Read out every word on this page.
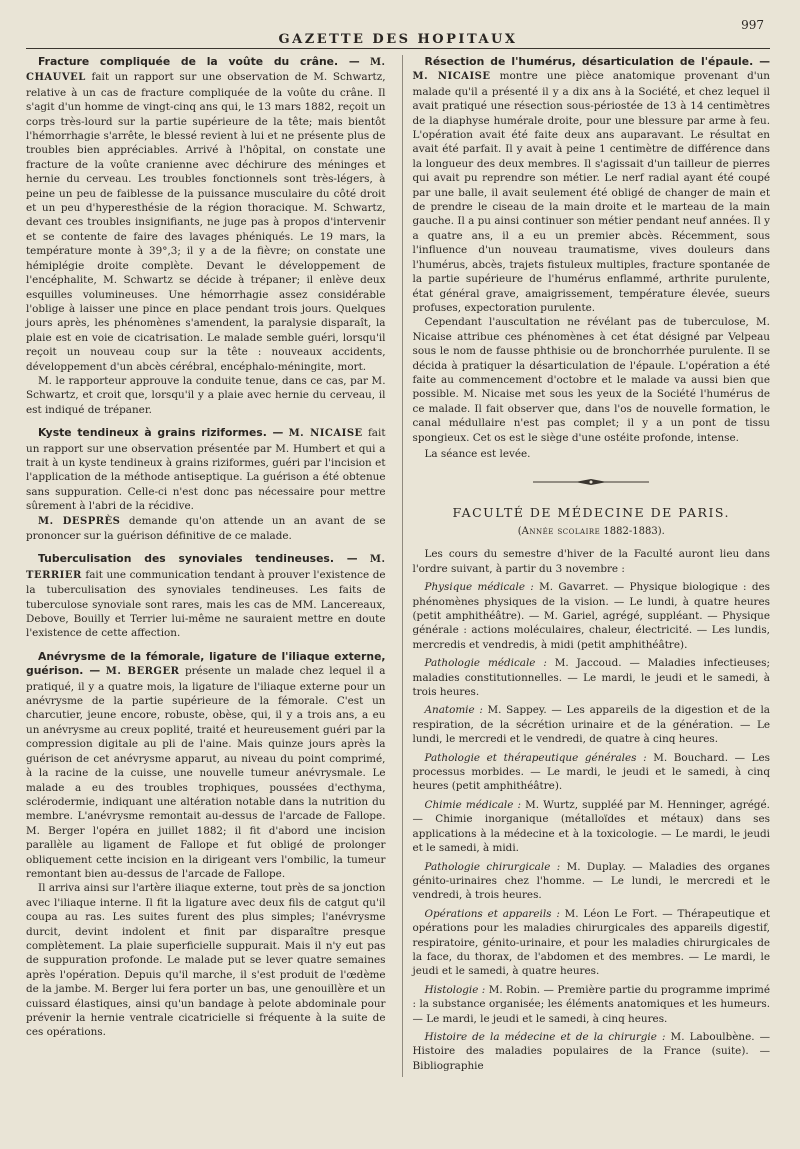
GAZETTE DES HOPITAUX
997

Fracture compliquée de la voûte du crâne. — M. CHAUVEL fait un rapport sur une observation de M. Schwartz, relative à un cas de fracture compliquée de la voûte du crâne. Il s'agit d'un homme de vingt-cinq ans qui, le 13 mars 1882, reçoit un corps très-lourd sur la partie supérieure de la tête; mais bientôt l'hémorrhagie s'arrête, le blessé revient à lui et ne présente plus de troubles bien appréciables. Arrivé à l'hôpital, on constate une fracture de la voûte cranienne avec déchirure des méninges et hernie du cerveau. Les troubles fonctionnels sont très-légers, à peine un peu de faiblesse de la puissance musculaire du côté droit et un peu d'hyperesthésie de la région thoracique. M. Schwartz, devant ces troubles insignifiants, ne juge pas à propos d'intervenir et se contente de faire des lavages phéniqués. Le 19 mars, la température monte à 39°,3; il y a de la fièvre; on constate une hémiplégie droite complète. Devant le développement de l'encéphalite, M. Schwartz se décide à trépaner; il enlève deux esquilles volumineuses. Une hémorrhagie assez considérable l'oblige à laisser une pince en place pendant trois jours. Quelques jours après, les phénomènes s'amendent, la paralysie disparaît, la plaie est en voie de cicatrisation. Le malade semble guéri, lorsqu'il reçoit un nouveau coup sur la tête : nouveaux accidents, développement d'un abcès cérébral, encéphalo-méningite, mort.

M. le rapporteur approuve la conduite tenue, dans ce cas, par M. Schwartz, et croit que, lorsqu'il y a plaie avec hernie du cerveau, il est indiqué de trépaner.

Kyste tendineux à grains riziformes. — M. NICAISE fait un rapport sur une observation présentée par M. Humbert et qui a trait à un kyste tendineux à grains riziformes, guéri par l'incision et l'application de la méthode antiseptique. La guérison a été obtenue sans suppuration. Celle-ci n'est donc pas nécessaire pour mettre sûrement à l'abri de la récidive.

M. DESPRÈS demande qu'on attende un an avant de se prononcer sur la guérison définitive de ce malade.

Tuberculisation des synoviales tendineuses. — M. TERRIER fait une communication tendant à prouver l'existence de la tuberculisation des synoviales tendineuses. Les faits de tuberculose synoviale sont rares, mais les cas de MM. Lancereaux, Debove, Bouilly et Terrier lui-même ne sauraient mettre en doute l'existence de cette affection.

Anévrysme de la fémorale, ligature de l'iliaque externe, guérison. — M. BERGER présente un malade chez lequel il a pratiqué, il y a quatre mois, la ligature de l'iliaque externe pour un anévrysme de la partie supérieure de la fémorale. C'est un charcutier, jeune encore, robuste, obèse, qui, il y a trois ans, a eu un anévrysme au creux poplité, traité et heureusement guéri par la compression digitale au pli de l'aine. Mais quinze jours après la guérison de cet anévrysme apparut, au niveau du point comprimé, à la racine de la cuisse, une nouvelle tumeur anévrysmale. Le malade a eu des troubles trophiques, poussées d'ecthyma, sclérodermie, indiquant une altération notable dans la nutrition du membre. L'anévrysme remontait au-dessus de l'arcade de Fallope. M. Berger l'opéra en juillet 1882; il fit d'abord une incision parallèle au ligament de Fallope et fut obligé de prolonger obliquement cette incision en la dirigeant vers l'ombilic, la tumeur remontant bien au-dessus de l'arcade de Fallope.

Il arriva ainsi sur l'artère iliaque externe, tout près de sa jonction avec l'iliaque interne. Il fit la ligature avec deux fils de catgut qu'il coupa au ras. Les suites furent des plus simples; l'anévrysme durcit, devint indolent et finit par disparaître presque complètement. La plaie superficielle suppurait. Mais il n'y eut pas de suppuration profonde. Le malade put se lever quatre semaines après l'opération. Depuis qu'il marche, il s'est produit de l'œdème de la jambe. M. Berger lui fera porter un bas, une genouillère et un cuissard élastiques, ainsi qu'un bandage à pelote abdominale pour prévenir la hernie ventrale cicatricielle si fréquente à la suite de ces opérations.

Résection de l'humérus, désarticulation de l'épaule. — M. NICAISE montre une pièce anatomique provenant d'un malade qu'il a présenté il y a dix ans à la Société, et chez lequel il avait pratiqué une résection sous-périostée de 13 à 14 centimètres de la diaphyse humérale droite, pour une blessure par arme à feu. L'opération avait été faite deux ans auparavant. Le résultat en avait été parfait. Il y avait à peine 1 centimètre de différence dans la longueur des deux membres. Il s'agissait d'un tailleur de pierres qui avait pu reprendre son métier. Le nerf radial ayant été coupé par une balle, il avait seulement été obligé de changer de main et de prendre le ciseau de la main droite et le marteau de la main gauche. Il a pu ainsi continuer son métier pendant neuf années. Il y a quatre ans, il a eu un premier abcès. Récemment, sous l'influence d'un nouveau traumatisme, vives douleurs dans l'humérus, abcès, trajets fistuleux multiples, fracture spontanée de la partie supérieure de l'humérus enflammé, arthrite purulente, état général grave, amaigrissement, température élevée, sueurs profuses, expectoration purulente.

Cependant l'auscultation ne révélant pas de tuberculose, M. Nicaise attribue ces phénomènes à cet état désigné par Velpeau sous le nom de fausse phthisie ou de bronchorrhée purulente. Il se décida à pratiquer la désarticulation de l'épaule. L'opération a été faite au commencement d'octobre et le malade va aussi bien que possible. M. Nicaise met sous les yeux de la Société l'humérus de ce malade. Il fait observer que, dans l'os de nouvelle formation, le canal médullaire n'est pas complet; il y a un pont de tissu spongieux. Cet os est le siège d'une ostéite profonde, intense.

La séance est levée.

FACULTÉ DE MÉDECINE DE PARIS.
(Année scolaire 1882-1883).

Les cours du semestre d'hiver de la Faculté auront lieu dans l'ordre suivant, à partir du 3 novembre :

Physique médicale : M. Gavarret. — Physique biologique : des phénomènes physiques de la vision. — Le lundi, à quatre heures (petit amphithéâtre). — M. Gariel, agrégé, suppléant. — Physique générale : actions moléculaires, chaleur, électricité. — Les lundis, mercredis et vendredis, à midi (petit amphithéâtre).

Pathologie médicale : M. Jaccoud. — Maladies infectieuses; maladies constitutionnelles. — Le mardi, le jeudi et le samedi, à trois heures.

Anatomie : M. Sappey. — Les appareils de la digestion et de la respiration, de la sécrétion urinaire et de la génération. — Le lundi, le mercredi et le vendredi, de quatre à cinq heures.

Pathologie et thérapeutique générales : M. Bouchard. — Les processus morbides. — Le mardi, le jeudi et le samedi, à cinq heures (petit amphithéâtre).

Chimie médicale : M. Wurtz, suppléé par M. Henninger, agrégé. — Chimie inorganique (métalloïdes et métaux) dans ses applications à la médecine et à la toxicologie. — Le mardi, le jeudi et le samedi, à midi.

Pathologie chirurgicale : M. Duplay. — Maladies des organes génito-urinaires chez l'homme. — Le lundi, le mercredi et le vendredi, à trois heures.

Opérations et appareils : M. Léon Le Fort. — Thérapeutique et opérations pour les maladies chirurgicales des appareils digestif, respiratoire, génito-urinaire, et pour les maladies chirurgicales de la face, du thorax, de l'abdomen et des membres. — Le mardi, le jeudi et le samedi, à quatre heures.

Histologie : M. Robin. — Première partie du programme imprimé : la substance organisée; les éléments anatomiques et les humeurs. — Le mardi, le jeudi et le samedi, à cinq heures.

Histoire de la médecine et de la chirurgie : M. Laboulbène. — Histoire des maladies populaires de la France (suite). — Bibliographie
